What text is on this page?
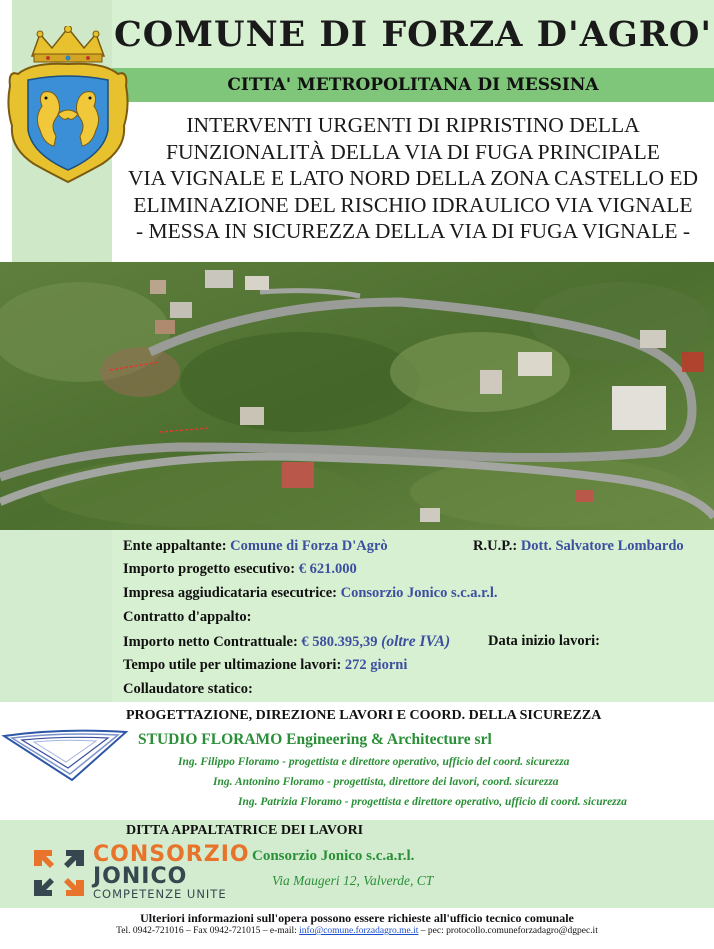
COMUNE DI FORZA D'AGRO'
CITTA' METROPOLITANA DI MESSINA
INTERVENTI URGENTI DI RIPRISTINO DELLA
FUNZIONALITÀ DELLA VIA DI FUGA PRINCIPALE
VIA VIGNALE E LATO NORD DELLA ZONA CASTELLO ED
ELIMINAZIONE DEL RISCHIO IDRAULICO VIA VIGNALE
- MESSA IN SICUREZZA DELLA VIA DI FUGA VIGNALE -
Ente appaltante: Comune di Forza D'Agrò	R.U.P.: Dott. Salvatore Lombardo
Importo progetto esecutivo: € 621.000
Impresa aggiudicataria esecutrice: Consorzio Jonico s.c.a.r.l.
Contratto d'appalto:
Importo netto Contrattuale: € 580.395,39 (oltre IVA)	Data inizio lavori:
Tempo utile per ultimazione lavori: 272 giorni
Collaudatore statico:
PROGETTAZIONE, DIREZIONE LAVORI E COORD. DELLA SICUREZZA
STUDIO FLORAMO Engineering & Architecture srl
Ing. Filippo Floramo - progettista e direttore operativo, ufficio del coord. sicurezza
Ing. Antonino Floramo - progettista, direttore dei lavori, coord. sicurezza
Ing. Patrizia Floramo - progettista e direttore operativo, ufficio di coord. sicurezza
DITTA APPALTATRICE DEI LAVORI
CONSORZIO
JONICO
COMPETENZE UNITE
Consorzio Jonico s.c.a.r.l.
Via Maugeri 12, Valverde, CT
Ulteriori informazioni sull'opera possono essere richieste all'ufficio tecnico comunale
Tel. 0942-721016 – Fax 0942-721015 – e-mail: info@comune.forzadagro.me.it – pec: protocollo.comuneforzadagro@dgpec.it
